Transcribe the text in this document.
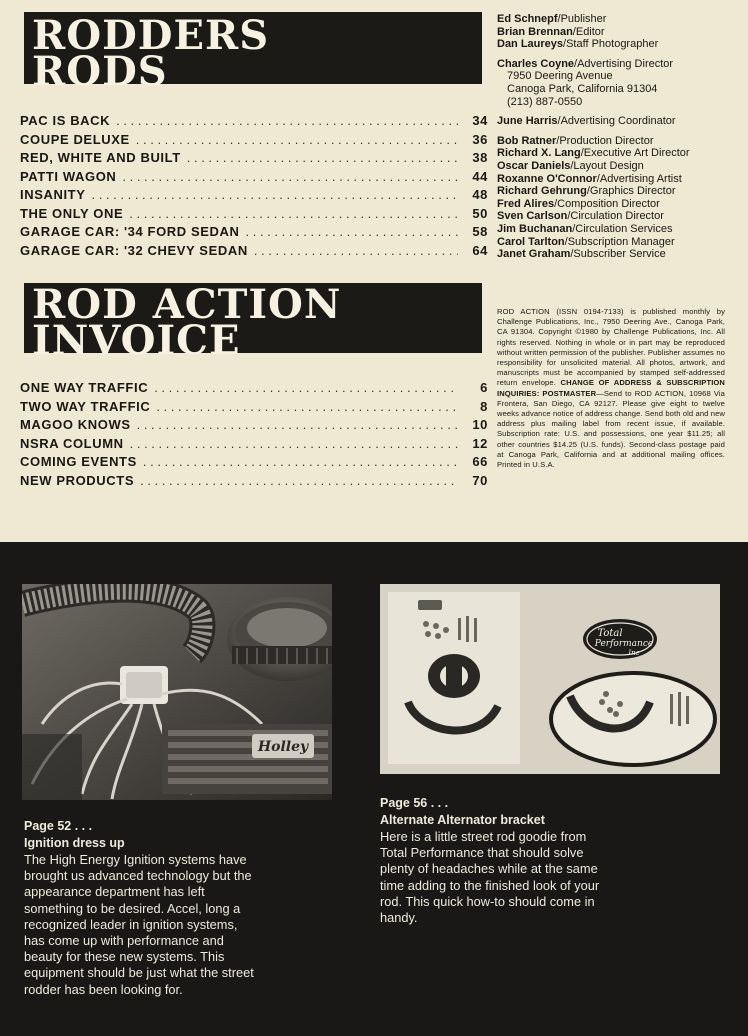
RODDERS
RODS
PAC IS BACK . . .	34
COUPE DELUXE . . .	36
RED, WHITE AND BUILT . . .	38
PATTI WAGON . . .	44
INSANITY . . .	48
THE ONLY ONE . . .	50
GARAGE CAR: '34 FORD SEDAN . . .	58
GARAGE CAR: '32 CHEVY SEDAN . . .	64
ROD ACTION
INVOICE
ONE WAY TRAFFIC . . .	6
TWO WAY TRAFFIC . . .	8
MAGOO KNOWS . . .	10
NSRA COLUMN . . .	12
COMING EVENTS . . .	66
NEW PRODUCTS . . .	70
Ed Schnepf/Publisher
Brian Brennan/Editor
Dan Laureys/Staff Photographer
Charles Coyne/Advertising Director
7950 Deering Avenue
Canoga Park, California 91304
(213) 887-0550
June Harris/Advertising Coordinator
Bob Ratner/Production Director
Richard X. Lang/Executive Art Director
Oscar Daniels/Layout Design
Roxanne O'Connor/Advertising Artist
Richard Gehrung/Graphics Director
Fred Alires/Composition Director
Sven Carlson/Circulation Director
Jim Buchanan/Circulation Services
Carol Tarlton/Subscription Manager
Janet Graham/Subscriber Service
ROD ACTION (ISSN 0194-7133) is published monthly by Challenge Publications, Inc., 7950 Deering Ave., Canoga Park, CA 91304. Copyright ©1980 by Challenge Publications, Inc. All rights reserved. Nothing in whole or in part may be reproduced without written permission of the publisher. Publisher assumes no responsibility for unsolicited material. All photos, artwork, and manuscripts must be accompanied by stamped self-addressed return envelope. CHANGE OF ADDRESS & SUBSCRIPTION INQUIRIES: POSTMASTER—Send to ROD ACTION, 10968 Via Frontera, San Diego, CA 92127. Please give eight to twelve weeks advance notice of address change. Send both old and new address plus mailing label from recent issue, if available. Subscription rate: U.S. and possessions, one year $11.25; all other countries $14.25 (U.S. funds). Second-class postage paid at Canoga Park, California and at additional mailing offices. Printed in U.S.A.
Holley
Total
Performance
Inc
Page 52 . . .
Ignition dress up
The High Energy Ignition systems have brought us advanced technology but the appearance department has left something to be desired. Accel, long a recognized leader in ignition systems, has come up with performance and beauty for these new systems. This equipment should be just what the street rodder has been looking for.
Page 56 . . .
Alternate Alternator bracket
Here is a little street rod goodie from Total Performance that should solve plenty of headaches while at the same time adding to the finished look of your rod. This quick how-to should come in handy.
